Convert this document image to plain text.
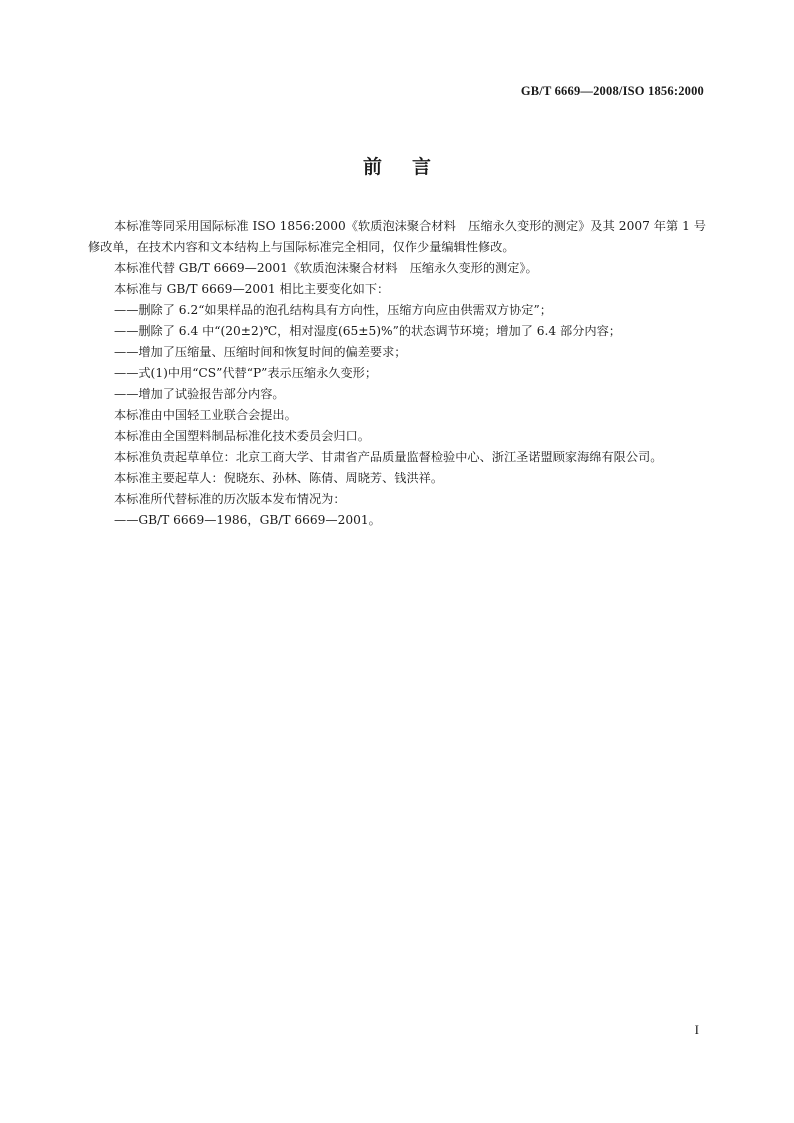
GB/T 6669—2008/ISO 1856:2000
前言

本标准等同采用国际标准 ISO 1856:2000《软质泡沫聚合材料　压缩永久变形的测定》及其 2007 年第 1 号修改单，在技术内容和文本结构上与国际标准完全相同，仅作少量编辑性修改。

本标准代替 GB/T 6669—2001《软质泡沫聚合材料　压缩永久变形的测定》。

本标准与 GB/T 6669—2001 相比主要变化如下：

——删除了 6.2“如果样品的泡孔结构具有方向性，压缩方向应由供需双方协定”；

——删除了 6.4 中“(20±2)℃，相对湿度(65±5)%”的状态调节环境；增加了 6.4 部分内容；

——增加了压缩量、压缩时间和恢复时间的偏差要求；

——式(1)中用“CS”代替“P”表示压缩永久变形；

——增加了试验报告部分内容。

本标准由中国轻工业联合会提出。

本标准由全国塑料制品标准化技术委员会归口。

本标准负责起草单位：北京工商大学、甘肃省产品质量监督检验中心、浙江圣诺盟顾家海绵有限公司。

本标准主要起草人：倪晓东、孙林、陈倩、周晓芳、钱洪祥。

本标准所代替标准的历次版本发布情况为：

——GB/T 6669—1986，GB/T 6669—2001。

I
